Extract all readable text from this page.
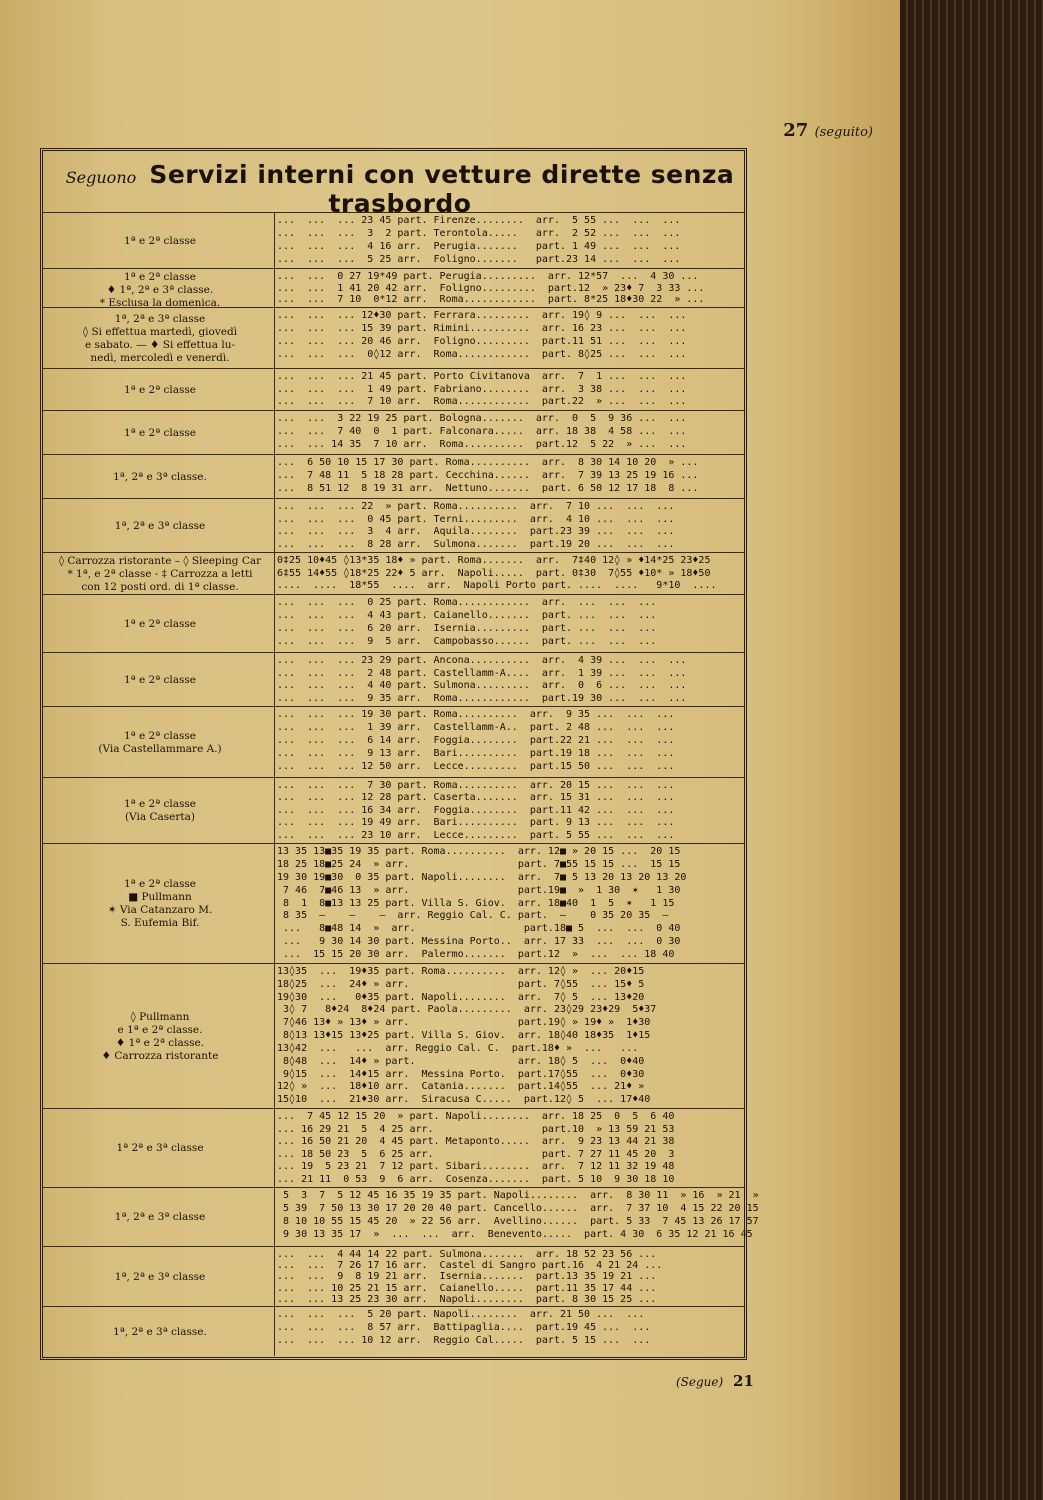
27 (seguito)
Seguono Servizi interni con vetture dirette senza trasbordo
1ª e 2ª classe
...  ...  ... 23 45 part. Firenze........  arr.  5 55 ...  ...  ...
...  ...  ...  3  2 part. Terontola.....   arr.  2 52 ...  ...  ...
...  ...  ...  4 16 arr.  Perugia.......   part. 1 49 ...  ...  ...
...  ...  ...  5 25 arr.  Foligno.......   part.23 14 ...  ...  ...
1ª e 2ª classe
♦ 1ª, 2ª e 3ª classe.
* Esclusa la domenica.
...  ...  0 27 19*49 part. Perugia.........  arr. 12*57  ...  4 30 ...
...  ...  1 41 20 42 arr.  Foligno.........  part.12  » 23♦ 7  3 33 ...
...  ...  7 10  0*12 arr.  Roma............  part. 8*25 18♦30 22  » ...
1ª, 2ª e 3ª classe
◊ Si effettua martedì, giovedì
e sabato. — ♦ Si effettua lu-
nedì, mercoledì e venerdì.
...  ...  ... 12♦30 part. Ferrara.........  arr. 19◊ 9 ...  ...  ...
...  ...  ... 15 39 part. Rimini..........  arr. 16 23 ...  ...  ...
...  ...  ... 20 46 arr.  Foligno.........  part.11 51 ...  ...  ...
...  ...  ...  0◊12 arr.  Roma............  part. 8◊25 ...  ...  ...
1ª e 2ª classe
...  ...  ... 21 45 part. Porto Civitanova  arr.  7  1 ...  ...  ...
...  ...  ...  1 49 part. Fabriano........  arr.  3 38 ...  ...  ...
...  ...  ...  7 10 arr.  Roma............  part.22  » ...  ...  ...
1ª e 2ª classe
...  ...  3 22 19 25 part. Bologna.......  arr.  0  5  9 36 ...  ...
...  ...  7 40  0  1 part. Falconara.....  arr. 18 38  4 58 ...  ...
...  ... 14 35  7 10 arr.  Roma..........  part.12  5 22  » ...  ...
1ª, 2ª e 3ª classe.
...  6 50 10 15 17 30 part. Roma..........  arr.  8 30 14 10 20  » ...
...  7 48 11  5 18 28 part. Cecchina......  arr.  7 39 13 25 19 16 ...
...  8 51 12  8 19 31 arr.  Nettuno.......  part. 6 50 12 17 18  8 ...
1ª, 2ª e 3ª classe
...  ...  ... 22  » part. Roma..........  arr.  7 10 ...  ...  ...
...  ...  ...  0 45 part. Terni.........  arr.  4 10 ...  ...  ...
...  ...  ...  3  4 arr.  Aquila........  part.23 39 ...  ...  ...
...  ...  ...  8 28 arr.  Sulmona.......  part.19 20 ...  ...  ...
◊ Carrozza ristorante – ◊ Sleeping Car
* 1ª, e 2ª classe - ‡ Carrozza a letti
con 12 posti ord. di 1ª classe.
0‡25 10♦45 ◊13*35 18♦ » part. Roma.......  arr.  7‡40 12◊ » ♦14*25 23♦25
6‡55 14♦55 ◊18*25 22♦ 5 arr.  Napoli.....  part. 0‡30  7◊55 ♦10* » 18♦50
....  ....  18*55  ....  arr.  Napoli Porto part. ....  ....   9*10  ....
1ª e 2ª classe
...  ...  ...  0 25 part. Roma............  arr.  ...  ...  ...
...  ...  ...  4 43 part. Caianello.......  part. ...  ...  ...
...  ...  ...  6 20 arr.  Isernia.........  part. ...  ...  ...
...  ...  ...  9  5 arr.  Campobasso......  part. ...  ...  ...
1ª e 2ª classe
...  ...  ... 23 29 part. Ancona..........  arr.  4 39 ...  ...  ...
...  ...  ...  2 48 part. Castellamm-A....  arr.  1 39 ...  ...  ...
...  ...  ...  4 40 part. Sulmona.........  arr.  0  6 ...  ...  ...
...  ...  ...  9 35 arr.  Roma............  part.19 30 ...  ...  ...
1ª e 2ª classe
(Via Castellammare A.)
...  ...  ... 19 30 part. Roma..........  arr.  9 35 ...  ...  ...
...  ...  ...  1 39 arr.  Castellamm-A..  part. 2 48 ...  ...  ...
...  ...  ...  6 14 arr.  Foggia........  part.22 21 ...  ...  ...
...  ...  ...  9 13 arr.  Bari..........  part.19 18 ...  ...  ...
...  ...  ... 12 50 arr.  Lecce.........  part.15 50 ...  ...  ...
1ª e 2ª classe
(Via Caserta)
...  ...  ...  7 30 part. Roma..........  arr. 20 15 ...  ...  ...
...  ...  ... 12 28 part. Caserta.......  arr. 15 31 ...  ...  ...
...  ...  ... 16 34 arr.  Foggia........  part.11 42 ...  ...  ...
...  ...  ... 19 49 arr.  Bari..........  part. 9 13 ...  ...  ...
...  ...  ... 23 10 arr.  Lecce.........  part. 5 55 ...  ...  ...
1ª e 2ª classe
■ Pullmann
✶ Via Catanzaro M.
S. Eufemia Bif.
13 35 13■35 19 35 part. Roma..........  arr. 12■ » 20 15 ...  20 15
18 25 18■25 24  » arr.                  part. 7■55 15 15 ...  15 15
19 30 19■30  0 35 part. Napoli........  arr.  7■ 5 13 20 13 20 13 20
7 46  7■46 13  » arr.                  part.19■  »  1 30  ✶   1 30
8  1  8■13 13 25 part. Villa S. Giov.  arr. 18■40  1  5  ✶   1 15
8 35  —    —    —  arr. Reggio Cal. C. part.  —    0 35 20 35  —
...   8■48 14  »  arr.                  part.18■ 5  ...  ...  0 40
...   9 30 14 30 part. Messina Porto..  arr. 17 33  ...  ...  0 30
...  15 15 20 30 arr.  Palermo.......  part.12  »  ...  ... 18 40
◊ Pullmann
e 1ª e 2ª classe.
♦ 1ª e 2ª classe.
♦ Carrozza ristorante
13◊35  ...  19♦35 part. Roma..........  arr. 12◊ »  ... 20♦15
18◊25  ...  24♦ » arr.                  part. 7◊55  ... 15♦ 5
19◊30  ...   0♦35 part. Napoli........  arr.  7◊ 5  ... 13♦20
3◊ 7   8♦24  8♦24 part. Paola.........  arr. 23◊29 23♦29  5♦37
7◊46 13♦ » 13♦ » arr.                  part.19◊ » 19♦ »  1♦30
8◊13 13♦15 13♦25 part. Villa S. Giov.  arr. 18◊40 18♦35  1♦15
13◊42  ...   ...  arr. Reggio Cal. C.  part.18♦ »  ...   ...
8◊48  ...  14♦ » part.                 arr. 18◊ 5  ...  0♦40
9◊15  ...  14♦15 arr.  Messina Porto.  part.17◊55  ...  0♦30
12◊ »  ...  18♦10 arr.  Catania.......  part.14◊55  ... 21♦ »
15◊10  ...  21♦30 arr.  Siracusa C.....  part.12◊ 5  ... 17♦40
1ª 2ª e 3ª classe
...  7 45 12 15 20  » part. Napoli........  arr. 18 25  0  5  6 40
... 16 29 21  5  4 25 arr.                  part.10  » 13 59 21 53
... 16 50 21 20  4 45 part. Metaponto.....  arr.  9 23 13 44 21 38
... 18 50 23  5  6 25 arr.                  part. 7 27 11 45 20  3
... 19  5 23 21  7 12 part. Sibari........  arr.  7 12 11 32 19 48
... 21 11  0 53  9  6 arr.  Cosenza.......  part. 5 10  9 30 18 10
1ª, 2ª e 3ª classe
5  3  7  5 12 45 16 35 19 35 part. Napoli........  arr.  8 30 11  » 16  » 21  »
5 39  7 50 13 30 17 20 20 40 part. Cancello......  arr.  7 37 10  4 15 22 20 15
8 10 10 55 15 45 20  » 22 56 arr.  Avellino......  part. 5 33  7 45 13 26 17 57
9 30 13 35 17  »  ...  ...  arr.  Benevento.....  part. 4 30  6 35 12 21 16 45
1ª, 2ª e 3ª classe
...  ...  4 44 14 22 part. Sulmona.......  arr. 18 52 23 56 ...
...  ...  7 26 17 16 arr.  Castel di Sangro part.16  4 21 24 ...
...  ...  9  8 19 21 arr.  Isernia.......  part.13 35 19 21 ...
...  ... 10 25 21 15 arr.  Caianello.....  part.11 35 17 44 ...
...  ... 13 25 23 30 arr.  Napoli........  part. 8 30 15 25 ...
1ª, 2ª e 3ª classe.
...  ...  ...  5 20 part. Napoli........  arr. 21 50 ...  ...
...  ...  ...  8 57 arr.  Battipaglia....  part.19 45 ...  ...
...  ...  ... 10 12 arr.  Reggio Cal.....  part. 5 15 ...  ...
(Segue) 21
